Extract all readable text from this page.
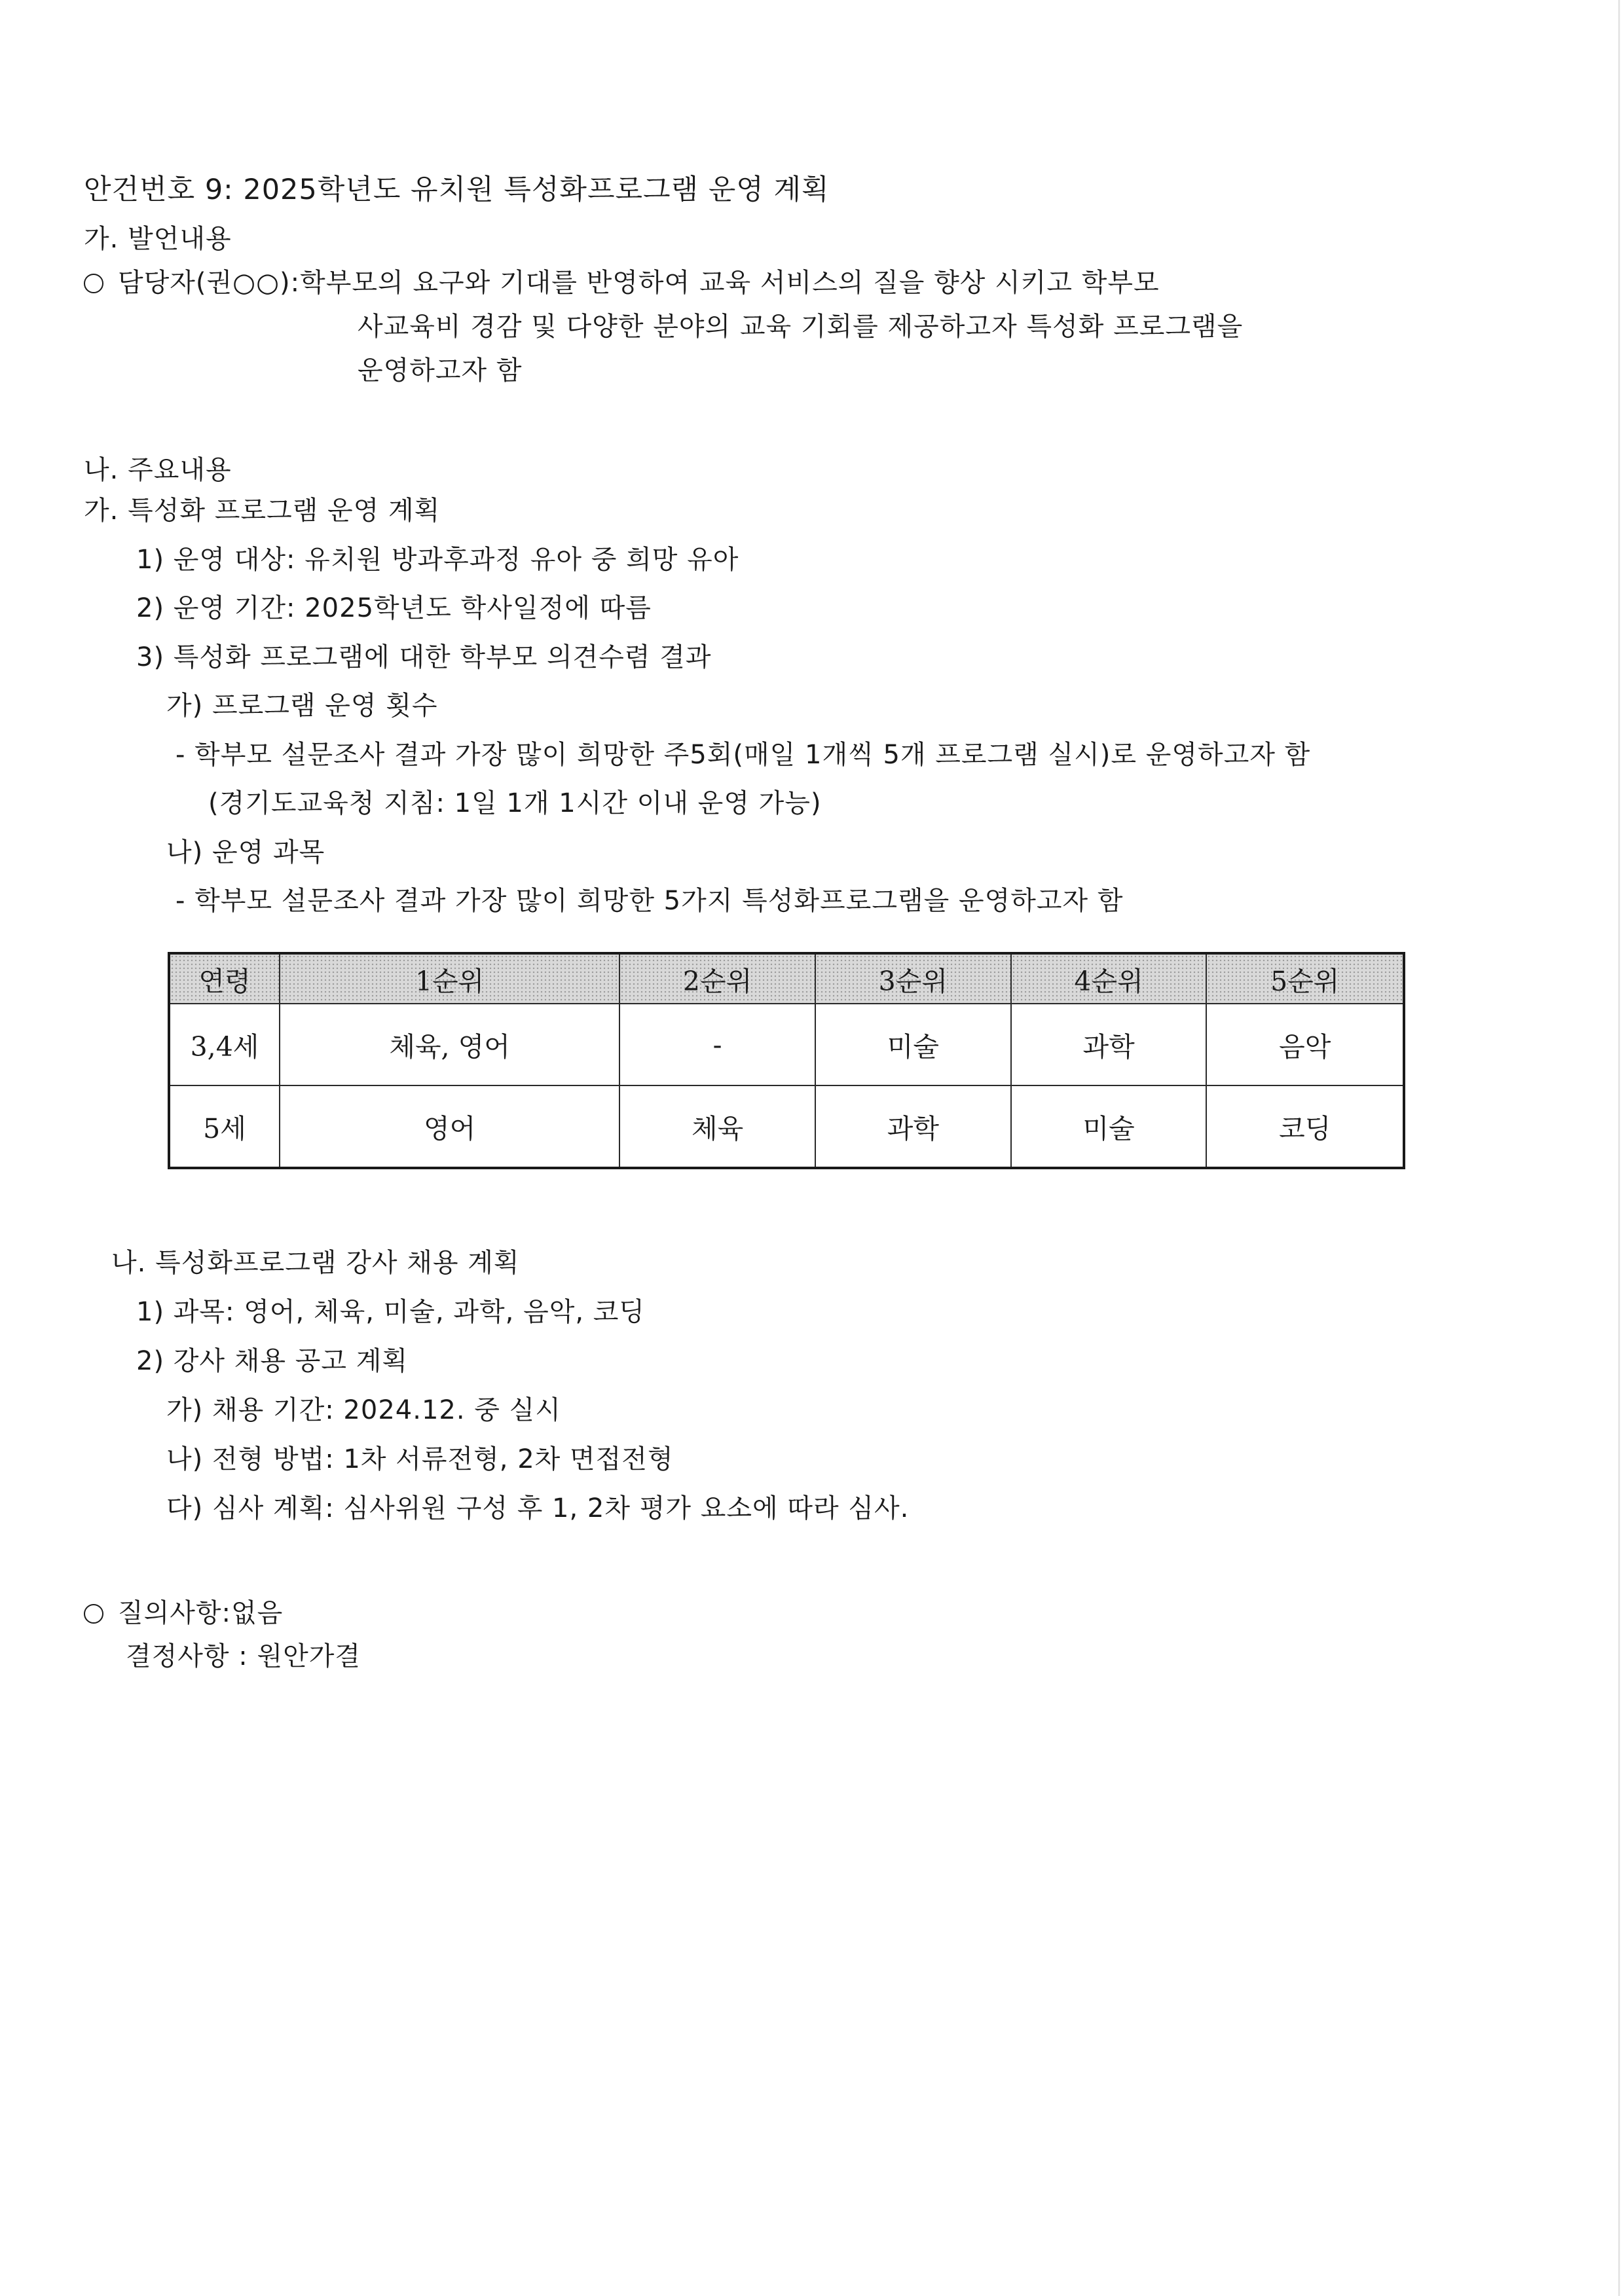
안건번호 9: 2025학년도 유치원 특성화프로그램 운영 계획
가. 발언내용
담당자(권○○):학부모의 요구와 기대를 반영하여 교육 서비스의 질을 향상 시키고 학부모
사교육비 경감 및 다양한 분야의 교육 기회를 제공하고자 특성화 프로그램을
운영하고자 함
나. 주요내용
가. 특성화 프로그램 운영 계획
1) 운영 대상: 유치원 방과후과정 유아 중 희망 유아
2) 운영 기간: 2025학년도 학사일정에 따름
3) 특성화 프로그램에 대한 학부모 의견수렴 결과
가) 프로그램 운영 횟수
- 학부모 설문조사 결과 가장 많이 희망한 주5회(매일 1개씩 5개 프로그램 실시)로 운영하고자 함
(경기도교육청 지침: 1일 1개 1시간 이내 운영 가능)
나) 운영 과목
- 학부모 설문조사 결과 가장 많이 희망한 5가지 특성화프로그램을 운영하고자 함
연령	1순위	2순위	3순위	4순위	5순위
3,4세	체육, 영어	-	미술	과학	음악
5세	영어	체육	과학	미술	코딩
나. 특성화프로그램 강사 채용 계획
1) 과목: 영어, 체육, 미술, 과학, 음악, 코딩
2) 강사 채용 공고 계획
가) 채용 기간: 2024.12. 중 실시
나) 전형 방법: 1차 서류전형, 2차 면접전형
다) 심사 계획: 심사위원 구성 후 1, 2차 평가 요소에 따라 심사.
질의사항:없음
결정사항 : 원안가결
